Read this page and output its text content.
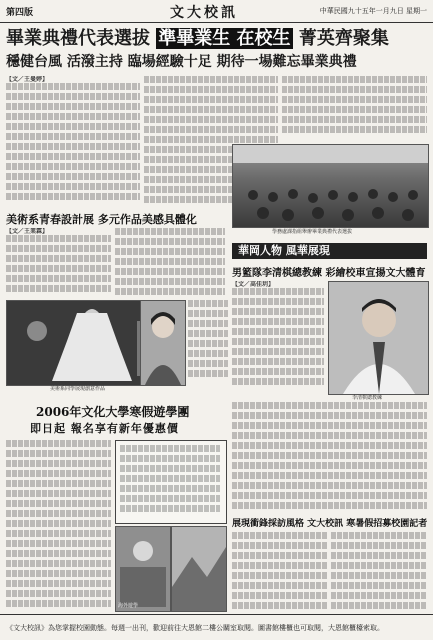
第四版	文大校訊	中華民國九十五年一月九日 星期一
畢業典禮代表選拔 準畢業生 在校生 菁英齊聚集
穩健台風 活潑主持 臨場經驗十足 期待一場難忘畢業典禮
【文／王曼婷】
學務處課指組舉辦畢業典禮代表選拔
美術系青春設計展 多元作品美感具體化
【文／王業霖】
美術系同學展現創意作品
華岡人物 風華展現
男籃隊李清棋總教練 彩繪校車宣揚文大體育
【文／高佳玥】
李清棋總教練
2006年文化大學寒假遊學團
即日起 報名享有新年優惠價
海外遊學
展現衝鋒採訪風格 文大校訊 寒暑假招募校園記者
《文大校訊》為您掌握校園動態。每週一出刊，歡迎前往大恩館二樓公關室取閱。圖書館樓櫃也可取閱，大恩館櫃檯索取。
